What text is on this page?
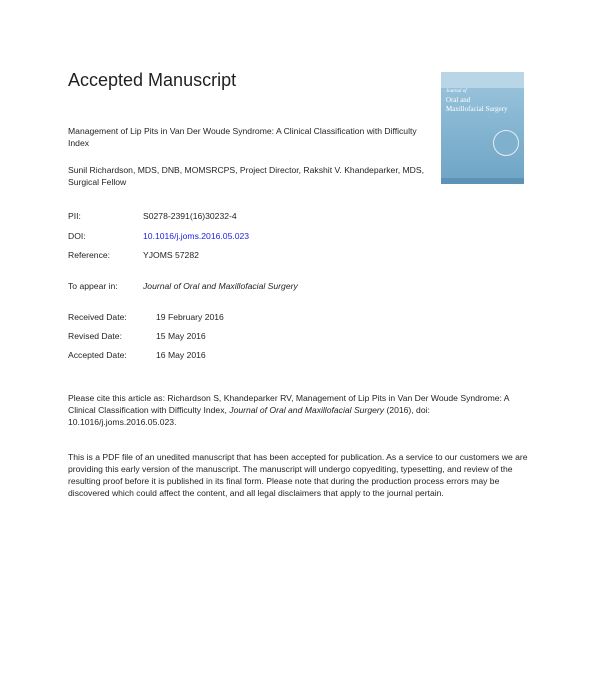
Accepted Manuscript
Journal of
Oral and
Maxillofacial Surgery
Management of Lip Pits in Van Der Woude Syndrome: A Clinical Classification with Difficulty Index
Sunil Richardson, MDS, DNB, MOMSRCPS, Project Director, Rakshit V. Khandeparker, MDS, Surgical Fellow
PII:	S0278-2391(16)30232-4
DOI:	10.1016/j.joms.2016.05.023
Reference:	YJOMS 57282
To appear in:	Journal of Oral and Maxillofacial Surgery
Received Date:	19 February 2016
Revised Date:	15 May 2016
Accepted Date:	16 May 2016

Please cite this article as: Richardson S, Khandeparker RV, Management of Lip Pits in Van Der Woude Syndrome: A Clinical Classification with Difficulty Index, Journal of Oral and Maxillofacial Surgery (2016), doi: 10.1016/j.joms.2016.05.023.

This is a PDF file of an unedited manuscript that has been accepted for publication. As a service to our customers we are providing this early version of the manuscript. The manuscript will undergo copyediting, typesetting, and review of the resulting proof before it is published in its final form. Please note that during the production process errors may be discovered which could affect the content, and all legal disclaimers that apply to the journal pertain.
